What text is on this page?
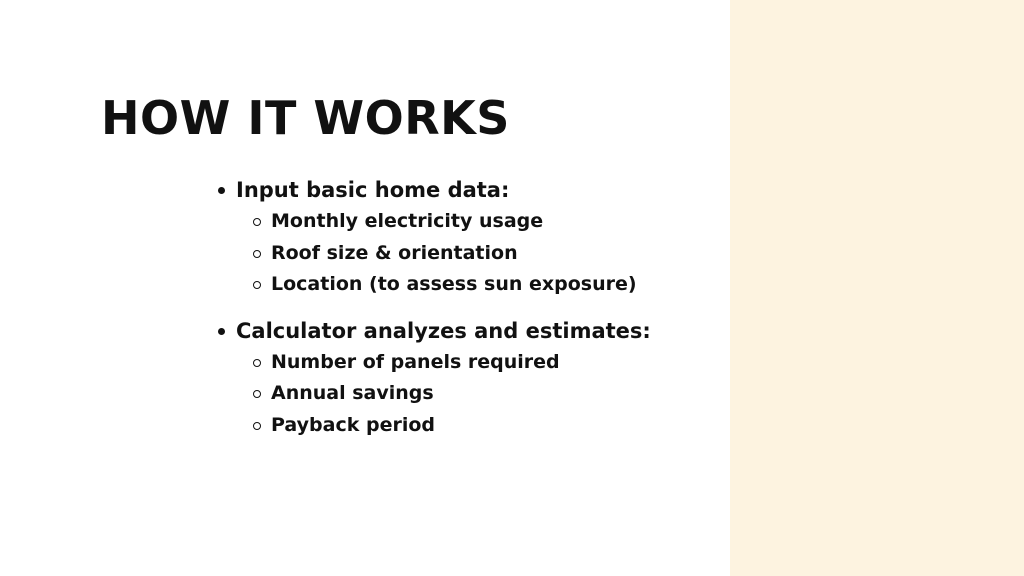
HOW IT WORKS
Input basic home data:
Monthly electricity usage
Roof size & orientation
Location (to assess sun exposure)
Calculator analyzes and estimates:
Number of panels required
Annual savings
Payback period
